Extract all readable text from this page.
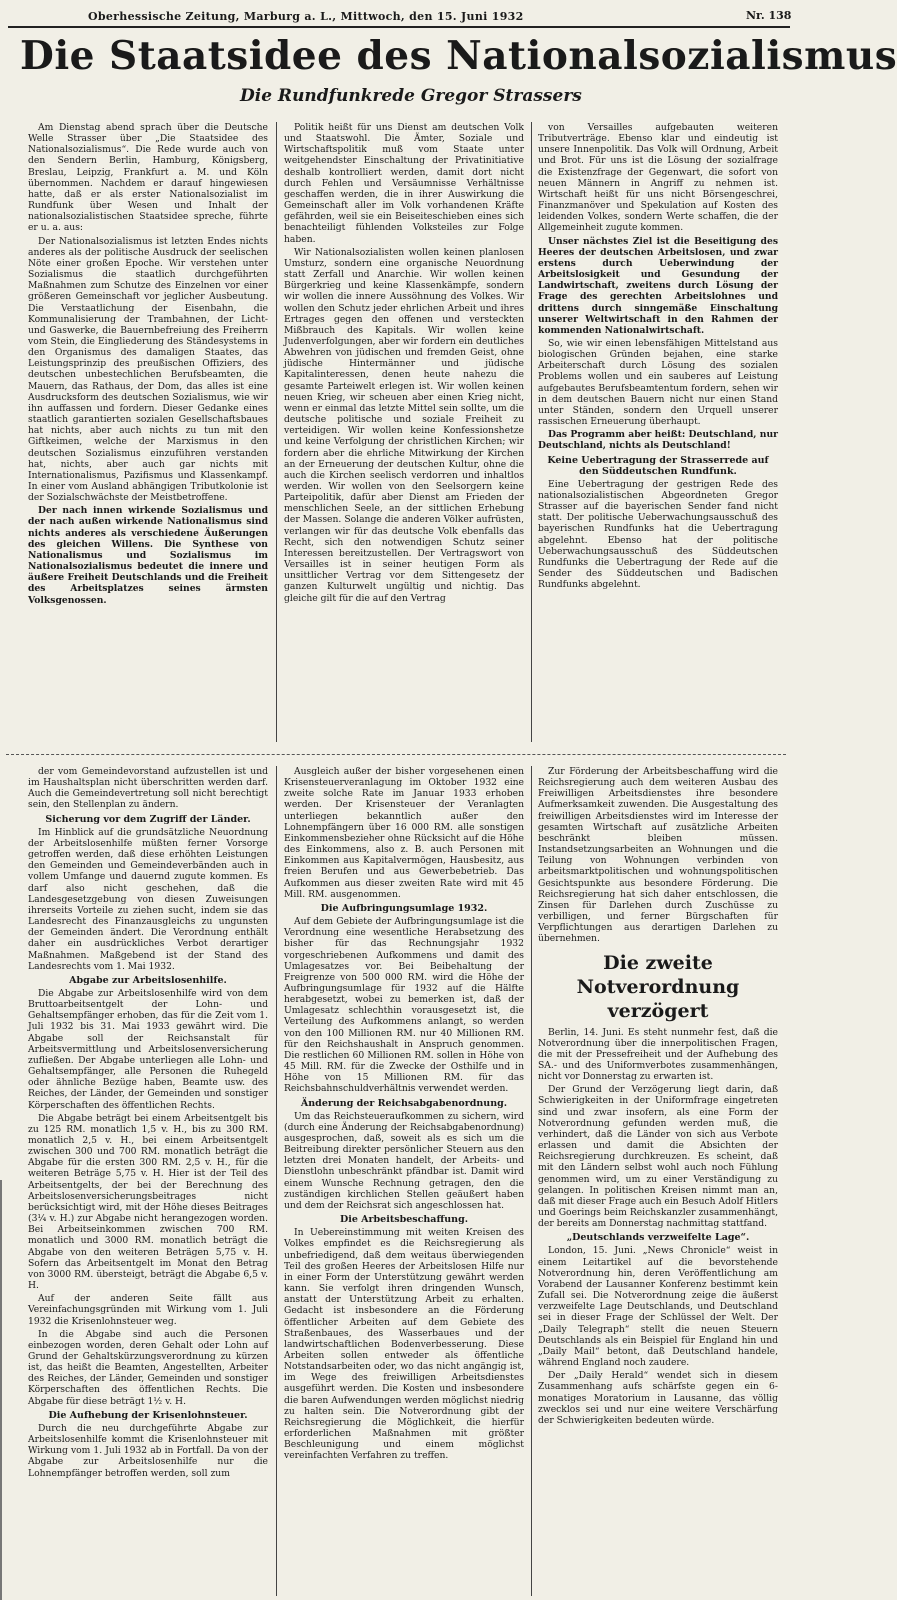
Oberhessische Zeitung, Marburg a. L., Mittwoch, den 15. Juni 1932	Nr. 138
Die Staatsidee des Nationalsozialismus
Die Rundfunkrede Gregor Strassers

Am Dienstag abend sprach über die Deutsche Welle Strasser über „Die Staatsidee des Nationalsozialismus“. Die Rede wurde auch von den Sendern Berlin, Hamburg, Königsberg, Breslau, Leipzig, Frankfurt a. M. und Köln übernommen. Nachdem er darauf hingewiesen hatte, daß er als erster Nationalsozialist im Rundfunk über Wesen und Inhalt der nationalsozialistischen Staatsidee spreche, führte er u. a. aus:

Der Nationalsozialismus ist letzten Endes nichts anderes als der politische Ausdruck der seelischen Nöte einer großen Epoche. Wir verstehen unter Sozialismus die staatlich durchgeführten Maßnahmen zum Schutze des Einzelnen vor einer größeren Gemeinschaft vor jeglicher Ausbeutung. Die Verstaatlichung der Eisenbahn, die Kommunalisierung der Trambahnen, der Licht- und Gaswerke, die Bauernbefreiung des Freiherrn vom Stein, die Eingliederung des Ständesystems in den Organismus des damaligen Staates, das Leistungsprinzip des preußischen Offiziers, des deutschen unbestechlichen Berufsbeamten, die Mauern, das Rathaus, der Dom, das alles ist eine Ausdrucksform des deutschen Sozialismus, wie wir ihn auffassen und fordern. Dieser Gedanke eines staatlich garantierten sozialen Gesellschaftsbaues hat nichts, aber auch nichts zu tun mit den Giftkeimen, welche der Marxismus in den deutschen Sozialismus einzuführen verstanden hat, nichts, aber auch gar nichts mit Internationalismus, Pazifismus und Klassenkampf. In einer vom Ausland abhängigen Tributkolonie ist der Sozialschwächste der Meistbetroffene.

Der nach innen wirkende Sozialismus und der nach außen wirkende Nationalismus sind nichts anderes als verschiedene Äußerungen des gleichen Willens. Die Synthese von Nationalismus und Sozialismus im Nationalsozialismus bedeutet die innere und äußere Freiheit Deutschlands und die Freiheit des Arbeitsplatzes seines ärmsten Volksgenossen.

Politik heißt für uns Dienst am deutschen Volk und Staatswohl. Die Ämter, Soziale und Wirtschaftspolitik muß vom Staate unter weitgehendster Einschaltung der Privatinitiative deshalb kontrolliert werden, damit dort nicht durch Fehlen und Versäumnisse Verhältnisse geschaffen werden, die in ihrer Auswirkung die Gemeinschaft aller im Volk vorhandenen Kräfte gefährden, weil sie ein Beiseiteschieben eines sich benachteiligt fühlenden Volksteiles zur Folge haben.

Wir Nationalsozialisten wollen keinen planlosen Umsturz, sondern eine organische Neuordnung statt Zerfall und Anarchie. Wir wollen keinen Bürgerkrieg und keine Klassenkämpfe, sondern wir wollen die innere Aussöhnung des Volkes. Wir wollen den Schutz jeder ehrlichen Arbeit und ihres Ertrages gegen den offenen und versteckten Mißbrauch des Kapitals. Wir wollen keine Judenverfolgungen, aber wir fordern ein deutliches Abwehren von jüdischen und fremden Geist, ohne jüdische Hintermänner und jüdische Kapitalinteressen, denen heute nahezu die gesamte Parteiwelt erlegen ist. Wir wollen keinen neuen Krieg, wir scheuen aber einen Krieg nicht, wenn er einmal das letzte Mittel sein sollte, um die deutsche politische und soziale Freiheit zu verteidigen. Wir wollen keine Konfessionshetze und keine Verfolgung der christlichen Kirchen; wir fordern aber die ehrliche Mitwirkung der Kirchen an der Erneuerung der deutschen Kultur, ohne die auch die Kirchen seelisch verdorren und inhaltlos werden. Wir wollen von den Seelsorgern keine Parteipolitik, dafür aber Dienst am Frieden der menschlichen Seele, an der sittlichen Erhebung der Massen. Solange die anderen Völker aufrüsten, verlangen wir für das deutsche Volk ebenfalls das Recht, sich den notwendigen Schutz seiner Interessen bereitzustellen. Der Vertragswort von Versailles ist in seiner heutigen Form als unsittlicher Vertrag vor dem Sittengesetz der ganzen Kulturwelt ungültig und nichtig. Das gleiche gilt für die auf den Vertrag

von Versailles aufgebauten weiteren Tributverträge. Ebenso klar und eindeutig ist unsere Innenpolitik. Das Volk will Ordnung, Arbeit und Brot. Für uns ist die Lösung der sozialfrage die Existenzfrage der Gegenwart, die sofort von neuen Männern in Angriff zu nehmen ist. Wirtschaft heißt für uns nicht Börsengeschrei, Finanzmanöver und Spekulation auf Kosten des leidenden Volkes, sondern Werte schaffen, die der Allgemeinheit zugute kommen.

Unser nächstes Ziel ist die Beseitigung des Heeres der deutschen Arbeitslosen, und zwar erstens durch Ueberwindung der Arbeitslosigkeit und Gesundung der Landwirtschaft, zweitens durch Lösung der Frage des gerechten Arbeitslohnes und drittens durch sinngemäße Einschaltung unserer Weltwirtschaft in den Rahmen der kommenden Nationalwirtschaft.

So, wie wir einen lebensfähigen Mittelstand aus biologischen Gründen bejahen, eine starke Arbeiterschaft durch Lösung des sozialen Problems wollen und ein sauberes auf Leistung aufgebautes Berufsbeamtentum fordern, sehen wir in dem deutschen Bauern nicht nur einen Stand unter Ständen, sondern den Urquell unserer rassischen Erneuerung überhaupt.

Das Programm aber heißt: Deutschland, nur Deutschland, nichts als Deutschland!

Keine Uebertragung der Strasserrede auf den Süddeutschen Rundfunk.

Eine Uebertragung der gestrigen Rede des nationalsozialistischen Abgeordneten Gregor Strasser auf die bayerischen Sender fand nicht statt. Der politische Ueberwachungsausschuß des bayerischen Rundfunks hat die Uebertragung abgelehnt. Ebenso hat der politische Ueberwachungsausschuß des Süddeutschen Rundfunks die Uebertragung der Rede auf die Sender des Süddeutschen und Badischen Rundfunks abgelehnt.

der vom Gemeindevorstand aufzustellen ist und im Haushaltsplan nicht überschritten werden darf. Auch die Gemeindevertretung soll nicht berechtigt sein, den Stellenplan zu ändern.

Sicherung vor dem Zugriff der Länder.

Im Hinblick auf die grundsätzliche Neuordnung der Arbeitslosenhilfe müßten ferner Vorsorge getroffen werden, daß diese erhöhten Leistungen den Gemeinden und Gemeindeverbänden auch in vollem Umfange und dauernd zugute kommen. Es darf also nicht geschehen, daß die Landesgesetzgebung von diesen Zuweisungen ihrerseits Vorteile zu ziehen sucht, indem sie das Landesrecht des Finanzausgleichs zu ungunsten der Gemeinden ändert. Die Verordnung enthält daher ein ausdrückliches Verbot derartiger Maßnahmen. Maßgebend ist der Stand des Landesrechts vom 1. Mai 1932.

Abgabe zur Arbeitslosenhilfe.

Die Abgabe zur Arbeitslosenhilfe wird von dem Bruttoarbeitsentgelt der Lohn- und Gehaltsempfänger erhoben, das für die Zeit vom 1. Juli 1932 bis 31. Mai 1933 gewährt wird. Die Abgabe soll der Reichsanstalt für Arbeitsvermittlung und Arbeitslosenversicherung zufließen. Der Abgabe unterliegen alle Lohn- und Gehaltsempfänger, alle Personen die Ruhegeld oder ähnliche Bezüge haben, Beamte usw. des Reiches, der Länder, der Gemeinden und sonstiger Körperschaften des öffentlichen Rechts.

Die Abgabe beträgt bei einem Arbeitsentgelt bis zu 125 RM. monatlich 1,5 v. H., bis zu 300 RM. monatlich 2,5 v. H., bei einem Arbeitsentgelt zwischen 300 und 700 RM. monatlich beträgt die Abgabe für die ersten 300 RM. 2,5 v. H., für die weiteren Beträge 5,75 v. H. Hier ist der Teil des Arbeitsentgelts, der bei der Berechnung des Arbeitslosenversicherungsbeitrages nicht berücksichtigt wird, mit der Höhe dieses Beitrages (3¼ v. H.) zur Abgabe nicht herangezogen worden. Bei Arbeitseinkommen zwischen 700 RM. monatlich und 3000 RM. monatlich beträgt die Abgabe von den weiteren Beträgen 5,75 v. H. Sofern das Arbeitsentgelt im Monat den Betrag von 3000 RM. übersteigt, beträgt die Abgabe 6,5 v. H.

Auf der anderen Seite fällt aus Vereinfachungsgründen mit Wirkung vom 1. Juli 1932 die Krisenlohnsteuer weg.

In die Abgabe sind auch die Personen einbezogen worden, deren Gehalt oder Lohn auf Grund der Gehaltskürzungsverordnung zu kürzen ist, das heißt die Beamten, Angestellten, Arbeiter des Reiches, der Länder, Gemeinden und sonstiger Körperschaften des öffentlichen Rechts. Die Abgabe für diese beträgt 1½ v. H.

Die Aufhebung der Krisenlohnsteuer.

Durch die neu durchgeführte Abgabe zur Arbeitslosenhilfe kommt die Krisenlohnsteuer mit Wirkung vom 1. Juli 1932 ab in Fortfall. Da von der Abgabe zur Arbeitslosenhilfe nur die Lohnempfänger betroffen werden, soll zum

Ausgleich außer der bisher vorgesehenen einen Krisensteuerveranlagung im Oktober 1932 eine zweite solche Rate im Januar 1933 erhoben werden. Der Krisensteuer der Veranlagten unterliegen bekanntlich außer den Lohnempfängern über 16 000 RM. alle sonstigen Einkommensbezieher ohne Rücksicht auf die Höhe des Einkommens, also z. B. auch Personen mit Einkommen aus Kapitalvermögen, Hausbesitz, aus freien Berufen und aus Gewerbebetrieb. Das Aufkommen aus dieser zweiten Rate wird mit 45 Mill. RM. ausgenommen.

Die Aufbringungsumlage 1932.

Auf dem Gebiete der Aufbringungsumlage ist die Verordnung eine wesentliche Herabsetzung des bisher für das Rechnungsjahr 1932 vorgeschriebenen Aufkommens und damit des Umlagesatzes vor. Bei Beibehaltung der Freigrenze von 500 000 RM. wird die Höhe der Aufbringungsumlage für 1932 auf die Hälfte herabgesetzt, wobei zu bemerken ist, daß der Umlagesatz schlechthin vorausgesetzt ist, die Verteilung des Aufkommens anlangt, so werden von den 100 Millionen RM. nur 40 Millionen RM. für den Reichshaushalt in Anspruch genommen. Die restlichen 60 Millionen RM. sollen in Höhe von 45 Mill. RM. für die Zwecke der Osthilfe und in Höhe von 15 Millionen RM. für das Reichsbahnschuldverhältnis verwendet werden.

Änderung der Reichsabgabenordnung.

Um das Reichsteueraufkommen zu sichern, wird (durch eine Änderung der Reichsabgabenordnung) ausgesprochen, daß, soweit als es sich um die Beitreibung direkter persönlicher Steuern aus den letzten drei Monaten handelt, der Arbeits- und Dienstlohn unbeschränkt pfändbar ist. Damit wird einem Wunsche Rechnung getragen, den die zuständigen kirchlichen Stellen geäußert haben und dem der Reichsrat sich angeschlossen hat.

Die Arbeitsbeschaffung.

In Uebereinstimmung mit weiten Kreisen des Volkes empfindet es die Reichsregierung als unbefriedigend, daß dem weitaus überwiegenden Teil des großen Heeres der Arbeitslosen Hilfe nur in einer Form der Unterstützung gewährt werden kann. Sie verfolgt ihren dringenden Wunsch, anstatt der Unterstützung Arbeit zu erhalten. Gedacht ist insbesondere an die Förderung öffentlicher Arbeiten auf dem Gebiete des Straßenbaues, des Wasserbaues und der landwirtschaftlichen Bodenverbesserung. Diese Arbeiten sollen entweder als öffentliche Notstandsarbeiten oder, wo das nicht angängig ist, im Wege des freiwilligen Arbeitsdienstes ausgeführt werden. Die Kosten und insbesondere die baren Aufwendungen werden möglichst niedrig zu halten sein. Die Notverordnung gibt der Reichsregierung die Möglichkeit, die hierfür erforderlichen Maßnahmen mit größter Beschleunigung und einem möglichst vereinfachten Verfahren zu treffen.

Zur Förderung der Arbeitsbeschaffung wird die Reichsregierung auch dem weiteren Ausbau des Freiwilligen Arbeitsdienstes ihre besondere Aufmerksamkeit zuwenden. Die Ausgestaltung des freiwilligen Arbeitsdienstes wird im Interesse der gesamten Wirtschaft auf zusätzliche Arbeiten beschränkt bleiben müssen. Instandsetzungsarbeiten an Wohnungen und die Teilung von Wohnungen verbinden von arbeitsmarktpolitischen und wohnungspolitischen Gesichtspunkte aus besondere Förderung. Die Reichsregierung hat sich daher entschlossen, die Zinsen für Darlehen durch Zuschüsse zu verbilligen, und ferner Bürgschaften für Verpflichtungen aus derartigen Darlehen zu übernehmen.

Die zweite Notverordnung verzögert

Berlin, 14. Juni. Es steht nunmehr fest, daß die Notverordnung über die innerpolitischen Fragen, die mit der Pressefreiheit und der Aufhebung des SA.- und des Uniformverbotes zusammenhängen, nicht vor Donnerstag zu erwarten ist.

Der Grund der Verzögerung liegt darin, daß Schwierigkeiten in der Uniformfrage eingetreten sind und zwar insofern, als eine Form der Notverordnung gefunden werden muß, die verhindert, daß die Länder von sich aus Verbote erlassen und damit die Absichten der Reichsregierung durchkreuzen. Es scheint, daß mit den Ländern selbst wohl auch noch Fühlung genommen wird, um zu einer Verständigung zu gelangen. In politischen Kreisen nimmt man an, daß mit dieser Frage auch ein Besuch Adolf Hitlers und Goerings beim Reichskanzler zusammenhängt, der bereits am Donnerstag nachmittag stattfand.

„Deutschlands verzweifelte Lage“.

London, 15. Juni. „News Chronicle“ weist in einem Leitartikel auf die bevorstehende Notverordnung hin, deren Veröffentlichung am Vorabend der Lausanner Konferenz bestimmt kein Zufall sei. Die Notverordnung zeige die äußerst verzweifelte Lage Deutschlands, und Deutschland sei in dieser Frage der Schlüssel der Welt. Der „Daily Telegraph“ stellt die neuen Steuern Deutschlands als ein Beispiel für England hin und „Daily Mail“ betont, daß Deutschland handele, während England noch zaudere.

Der „Daily Herald“ wendet sich in diesem Zusammenhang aufs schärfste gegen ein 6-monatiges Moratorium in Lausanne, das völlig zwecklos sei und nur eine weitere Verschärfung der Schwierigkeiten bedeuten würde.
